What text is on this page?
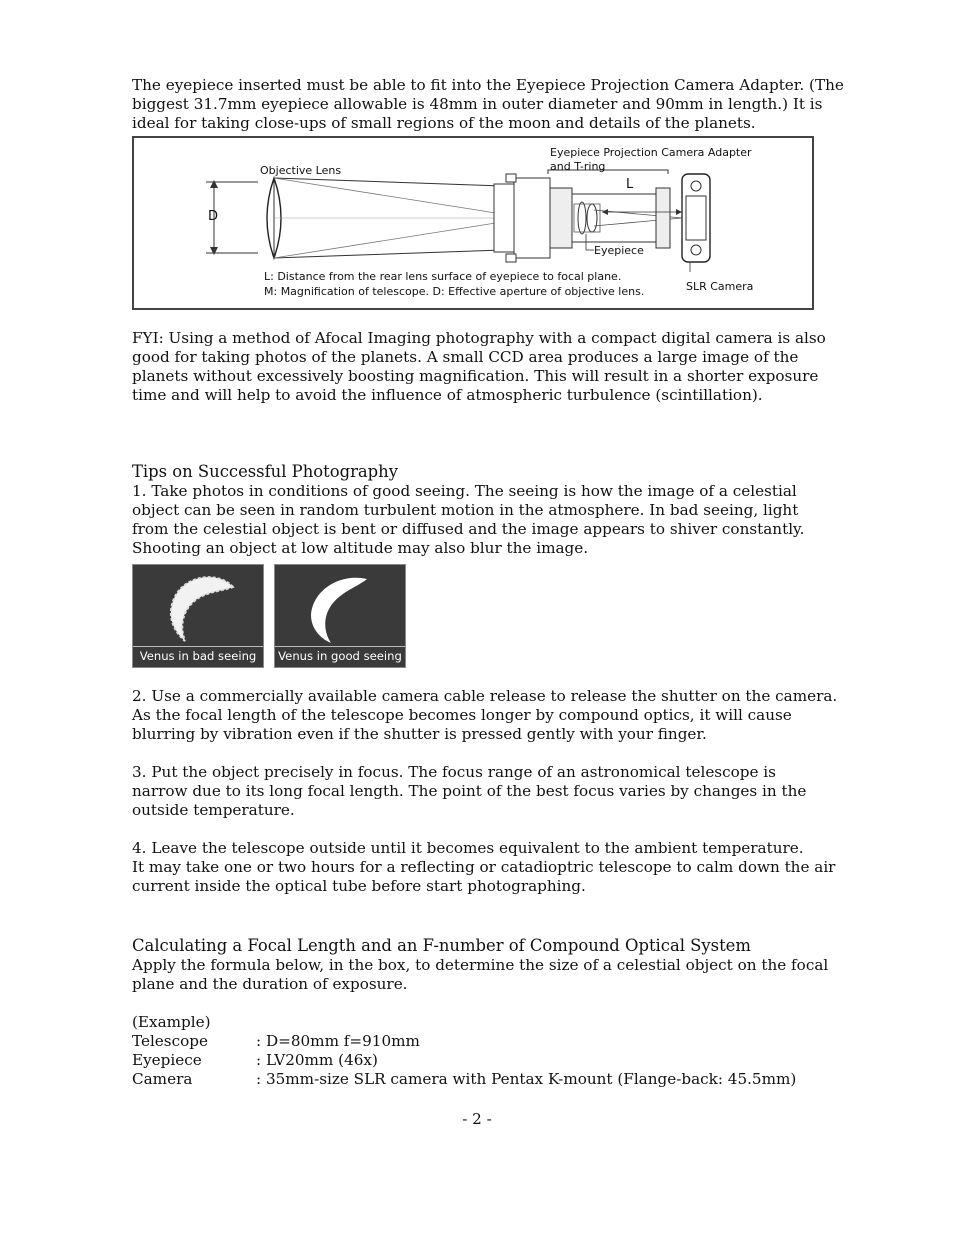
The eyepiece inserted must be able to fit into the Eyepiece Projection Camera Adapter. (The

biggest 31.7mm eyepiece allowable is 48mm in outer diameter and 90mm in length.) It is

ideal for taking close-ups of small regions of the moon and details of the planets.

Objective Lens
Eyepiece Projection Camera Adapter
and T-ring
L
D
Eyepiece
SLR Camera
L: Distance from the rear lens surface of eyepiece to focal plane.
M: Magnification of telescope. D: Effective aperture of objective lens.

FYI: Using a method of Afocal Imaging photography with a compact digital camera is also

good for taking photos of the planets. A small CCD area produces a large image of the

planets without excessively boosting magnification. This will result in a shorter exposure

time and will help to avoid the influence of atmospheric turbulence (scintillation).

Tips on Successful Photography

1. Take photos in conditions of good seeing. The seeing is how the image of a celestial

object can be seen in random turbulent motion in the atmosphere. In bad seeing, light

from the celestial object is bent or diffused and the image appears to shiver constantly.

Shooting an object at low altitude may also blur the image.

Venus in bad seeing	Venus in good seeing

2. Use a commercially available camera cable release to release the shutter on the camera.

As the focal length of the telescope becomes longer by compound optics, it will cause

blurring by vibration even if the shutter is pressed gently with your finger.

3. Put the object precisely in focus. The focus range of an astronomical telescope is

narrow due to its long focal length. The point of the best focus varies by changes in the

outside temperature.

4. Leave the telescope outside until it becomes equivalent to the ambient temperature.

It may take one or two hours for a reflecting or catadioptric telescope to calm down the air

current inside the optical tube before start photographing.

Calculating a Focal Length and an F-number of Compound Optical System

Apply the formula below, in the box, to determine the size of a celestial object on the focal

plane and the duration of exposure.

(Example)

Telescope	: D=80mm f=910mm
Eyepiece	: LV20mm (46x)
Camera	: 35mm-size SLR camera with Pentax K-mount (Flange-back: 45.5mm)
- 2 -
